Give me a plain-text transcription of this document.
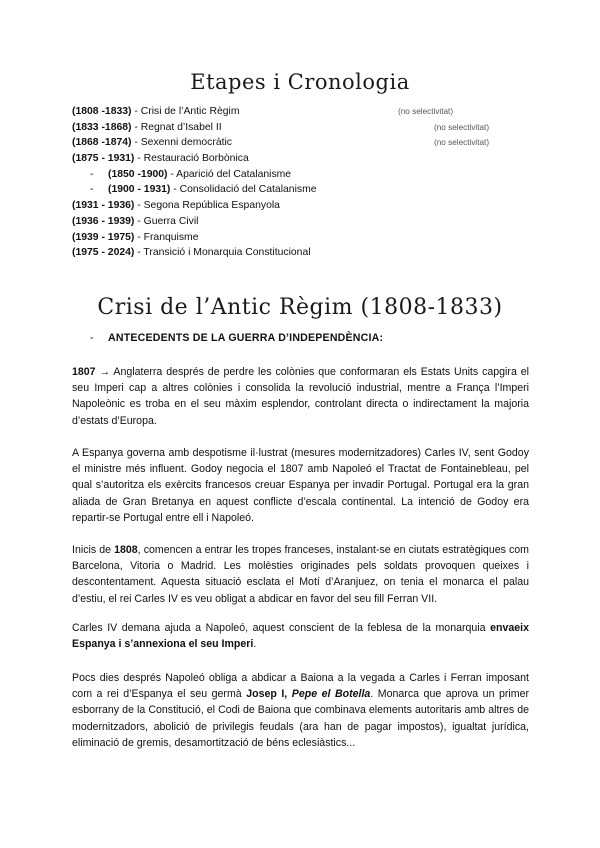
Etapes i Cronologia
(1808 -1833) - Crisi de l’Antic Règim	(no selectivitat)
(1833 -1868) - Regnat d’Isabel II	(no selectivitat)
(1868 -1874) - Sexenni democràtic	(no selectivitat)
(1875 - 1931) - Restauració Borbònica
- (1850 -1900) - Aparició del Catalanisme
- (1900 - 1931) - Consolidació del Catalanisme
(1931 - 1936) - Segona República Espanyola
(1936 - 1939) - Guerra Civil
(1939 - 1975) - Franquisme
(1975 - 2024) - Transició i Monarquia Constitucional
Crisi de l’Antic Règim (1808-1833)
- ANTECEDENTS DE LA GUERRA D’INDEPENDÈNCIA:

1807 → Anglaterra després de perdre les colònies que conformaran els Estats Units capgira el seu Imperi cap a altres colònies i consolida la revolució industrial, mentre a França l’Imperi Napoleònic es troba en el seu màxim esplendor, controlant directa o indirectament la majoria d’estats d’Europa.

A Espanya governa amb despotisme il·lustrat (mesures modernitzadores) Carles IV, sent Godoy el ministre més influent. Godoy negocia el 1807 amb Napoleó el Tractat de Fontainebleau, pel qual s’autoritza els exèrcits francesos creuar Espanya per invadir Portugal. Portugal era la gran aliada de Gran Bretanya en aquest conflicte d’escala continental. La intenció de Godoy era repartir-se Portugal entre ell i Napoleó.

Inicis de 1808, comencen a entrar les tropes franceses, instalant-se en ciutats estratègiques com Barcelona, Vitoria o Madrid. Les molèsties originades pels soldats provoquen queixes i descontentament. Aquesta situació esclata el Motí d’Aranjuez, on tenia el monarca el palau d’estiu, el rei Carles IV es veu obligat a abdicar en favor del seu fill Ferran VII.

Carles IV demana ajuda a Napoleó, aquest conscient de la feblesa de la monarquia envaeix Espanya i s’annexiona el seu Imperi.

Pocs dies després Napoleó obliga a abdicar a Baiona a la vegada a Carles i Ferran imposant com a rei d’Espanya el seu germà Josep I, Pepe el Botella. Monarca que aprova un primer esborrany de la Constitució, el Codi de Baiona que combinava elements autoritaris amb altres de modernitzadors, abolició de privilegis feudals (ara han de pagar impostos), igualtat jurídica, eliminació de gremis, desamortització de béns eclesiàstics...
